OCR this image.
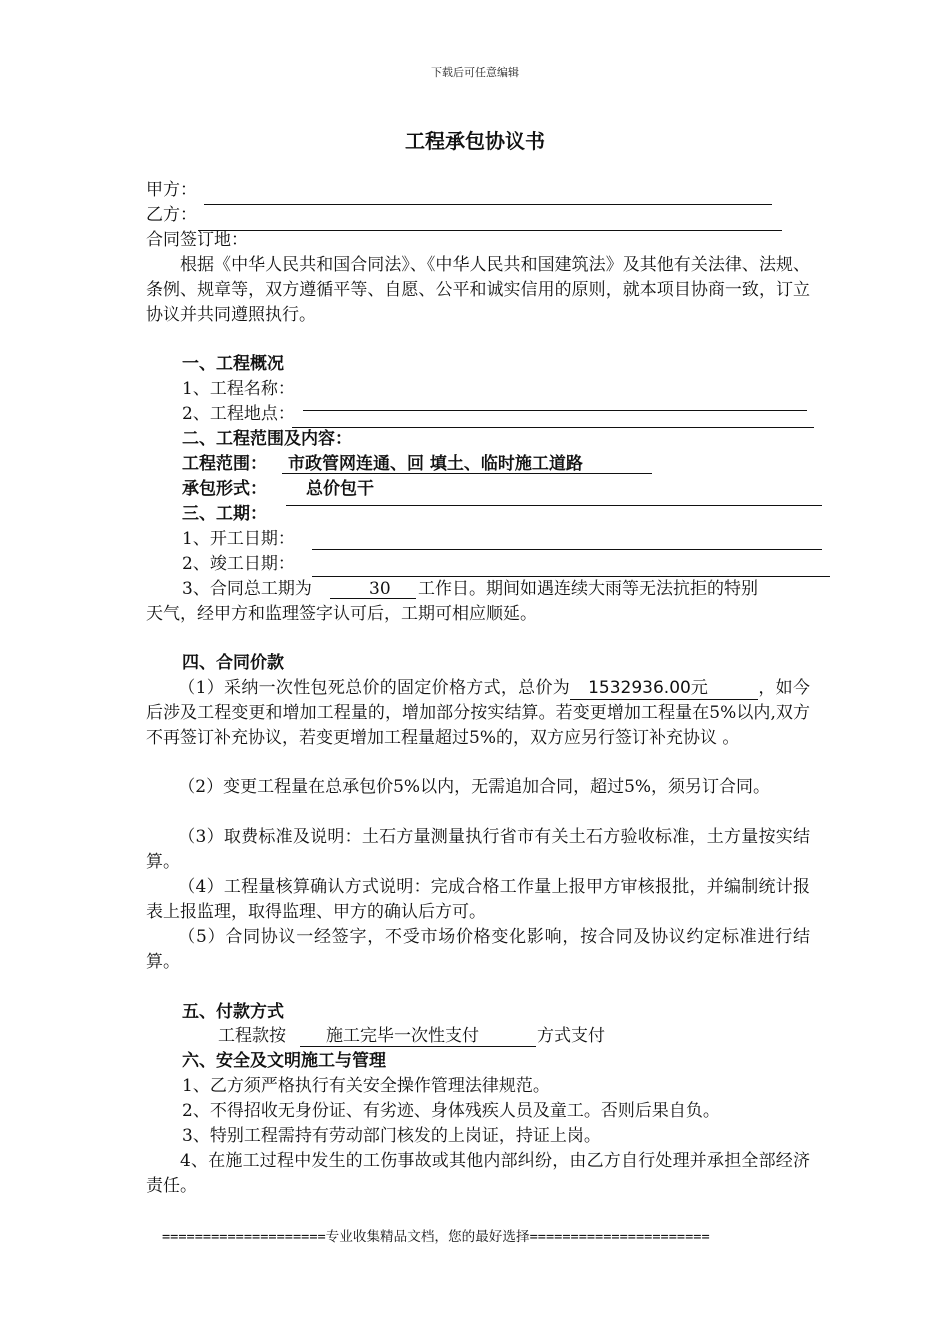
下载后可任意编辑
工程承包协议书
甲方：
乙方：
合同签订地：
根据《中华人民共和国合同法》、《中华人民共和国建筑法》及其他有关法律、法规、条例、规章等，双方遵循平等、自愿、公平和诚实信用的原则，就本项目协商一致，订立协议并共同遵照执行。
一、工程概况
1、工程名称：
2、工程地点：
二、工程范围及内容：
工程范围： 市政管网连通、回 填土、临时施工道路
承包形式： 总价包干
三、工期：
1、开工日期：
2、竣工日期：
3、合同总工期为	30 工作日。期间如遇连续大雨等无法抗拒的特别
天气，经甲方和监理签字认可后，工期可相应顺延。
四、合同价款
（1）采纳一次性包死总价的固定价格方式，总价为 1532936.00元	，如今后涉及工程变更和增加工程量的，增加部分按实结算。若变更增加工程量在5%以内,双方不再签订补充协议，若变更增加工程量超过5%的，双方应另行签订补充协议 。
（2）变更工程量在总承包价5%以内，无需追加合同，超过5%，须另订合同。
（3）取费标准及说明：土石方量测量执行省市有关土石方验收标准，土方量按实结算。
（4）工程量核算确认方式说明：完成合格工作量上报甲方审核报批，并编制统计报表上报监理，取得监理、甲方的确认后方可。
（5）合同协议一经签字，不受市场价格变化影响，按合同及协议约定标准进行结算。
五、付款方式
工程款按 施工完毕一次性支付	方式支付
六、安全及文明施工与管理
1、乙方须严格执行有关安全操作管理法律规范。
2、不得招收无身份证、有劣迹、身体残疾人员及童工。否则后果自负。
3、特别工程需持有劳动部门核发的上岗证，持证上岗。
4、在施工过程中发生的工伤事故或其他内部纠纷，由乙方自行处理并承担全部经济责任。
====================专业收集精品文档，您的最好选择======================
